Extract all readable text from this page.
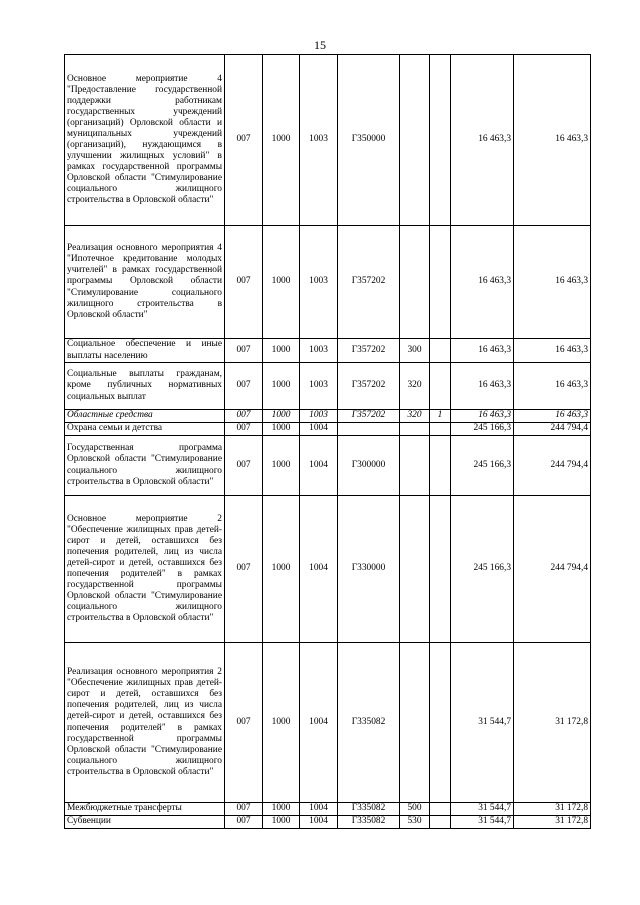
15
Основное мероприятие 4 "Предоставление государственной поддержки работникам государственных учреждений (организаций) Орловской области и муниципальных учреждений (организаций), нуждающимся в улучшении жилищных условий" в рамках государственной программы Орловской области "Стимулирование социального жилищного строительства в Орловской области"	007	1000	1003	Г350000			16 463,3	16 463,3
Реализация основного мероприятия 4 "Ипотечное кредитование молодых учителей" в рамках государственной программы Орловской области "Стимулирование социального жилищного строительства в Орловской области"	007	1000	1003	Г357202			16 463,3	16 463,3
Социальное обеспечение и иные выплаты населению	007	1000	1003	Г357202	300		16 463,3	16 463,3
Социальные выплаты гражданам, кроме публичных нормативных социальных выплат	007	1000	1003	Г357202	320		16 463,3	16 463,3
Областные средства	007	1000	1003	Г357202	320	1	16 463,3	16 463,3
Охрана семьи и детства	007	1000	1004				245 166,3	244 794,4
Государственная программа Орловской области "Стимулирование социального жилищного строительства в Орловской области"	007	1000	1004	Г300000			245 166,3	244 794,4
Основное мероприятие 2 "Обеспечение жилищных прав детей-сирот и детей, оставшихся без попечения родителей, лиц из числа детей-сирот и детей, оставшихся без попечения родителей" в рамках государственной программы Орловской области "Стимулирование социального жилищного строительства в Орловской области"	007	1000	1004	Г330000			245 166,3	244 794,4
Реализация основного мероприятия 2 "Обеспечение жилищных прав детей-сирот и детей, оставшихся без попечения родителей, лиц из числа детей-сирот и детей, оставшихся без попечения родителей" в рамках государственной программы Орловской области "Стимулирование социального жилищного строительства в Орловской области"	007	1000	1004	Г335082			31 544,7	31 172,8
Межбюджетные трансферты	007	1000	1004	Г335082	500		31 544,7	31 172,8
Субвенции	007	1000	1004	Г335082	530		31 544,7	31 172,8
